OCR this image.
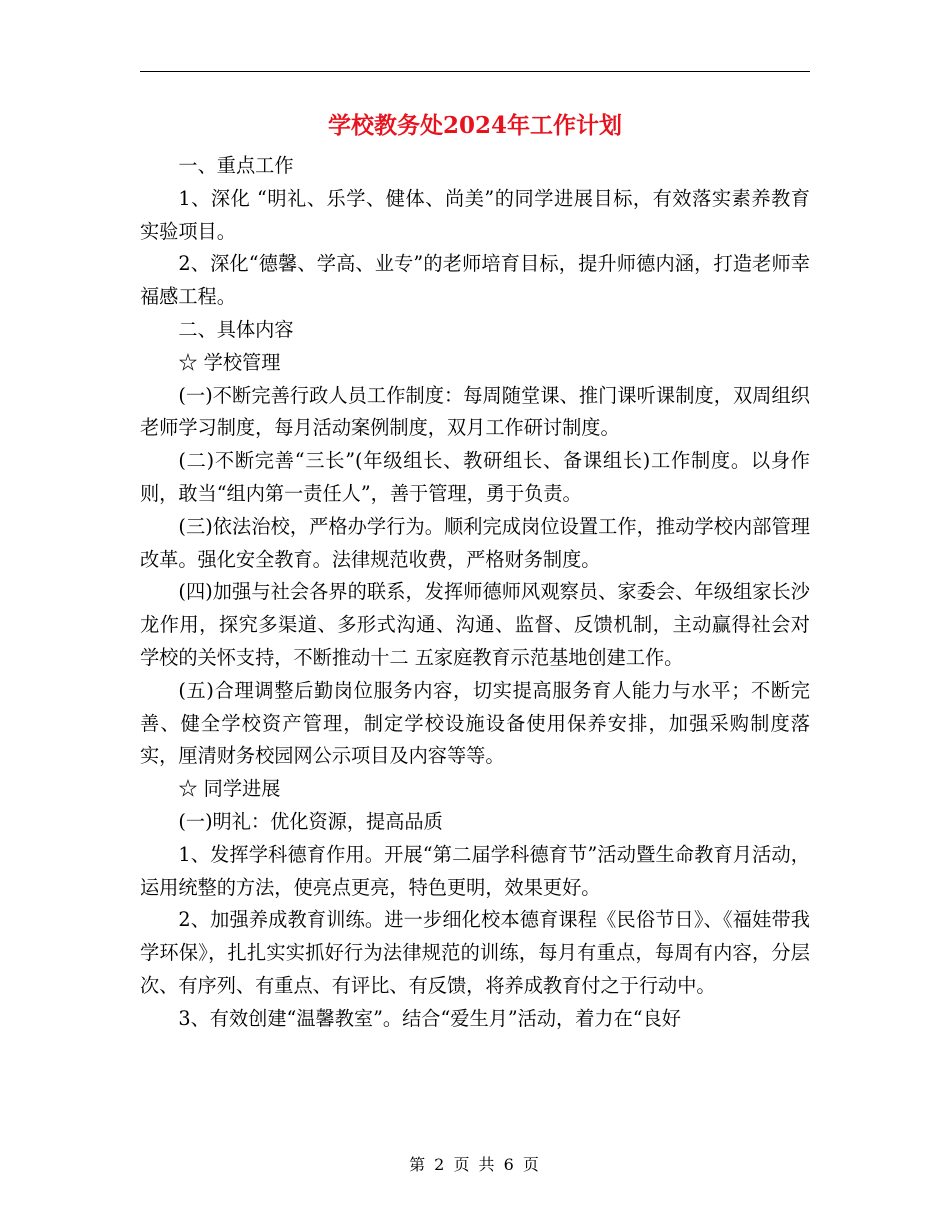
学校教务处2024年工作计划

一、重点工作

1、深化 “明礼、乐学、健体、尚美”的同学进展目标，有效落实素养教育实验项目。

2、深化“德馨、学高、业专”的老师培育目标，提升师德内涵，打造老师幸福感工程。

二、具体内容

☆ 学校管理

(一)不断完善行政人员工作制度：每周随堂课、推门课听课制度，双周组织老师学习制度，每月活动案例制度，双月工作研讨制度。

(二)不断完善“三长”(年级组长、教研组长、备课组长)工作制度。以身作则，敢当“组内第一责任人”，善于管理，勇于负责。

(三)依法治校，严格办学行为。顺利完成岗位设置工作，推动学校内部管理改革。强化安全教育。法律规范收费，严格财务制度。

(四)加强与社会各界的联系，发挥师德师风观察员、家委会、年级组家长沙龙作用，探究多渠道、多形式沟通、沟通、监督、反馈机制，主动赢得社会对学校的关怀支持，不断推动十二 五家庭教育示范基地创建工作。

(五)合理调整后勤岗位服务内容，切实提高服务育人能力与水平；不断完善、健全学校资产管理，制定学校设施设备使用保养安排，加强采购制度落实，厘清财务校园网公示项目及内容等等。

☆ 同学进展

(一)明礼：优化资源，提高品质

1、发挥学科德育作用。开展“第二届学科德育节”活动暨生命教育月活动，运用统整的方法，使亮点更亮，特色更明，效果更好。

2、加强养成教育训练。进一步细化校本德育课程《民俗节日》、《福娃带我学环保》，扎扎实实抓好行为法律规范的训练，每月有重点，每周有内容，分层次、有序列、有重点、有评比、有反馈，将养成教育付之于行动中。

3、有效创建“温馨教室”。结合“爱生月”活动，着力在“良好

第 2 页 共 6 页
